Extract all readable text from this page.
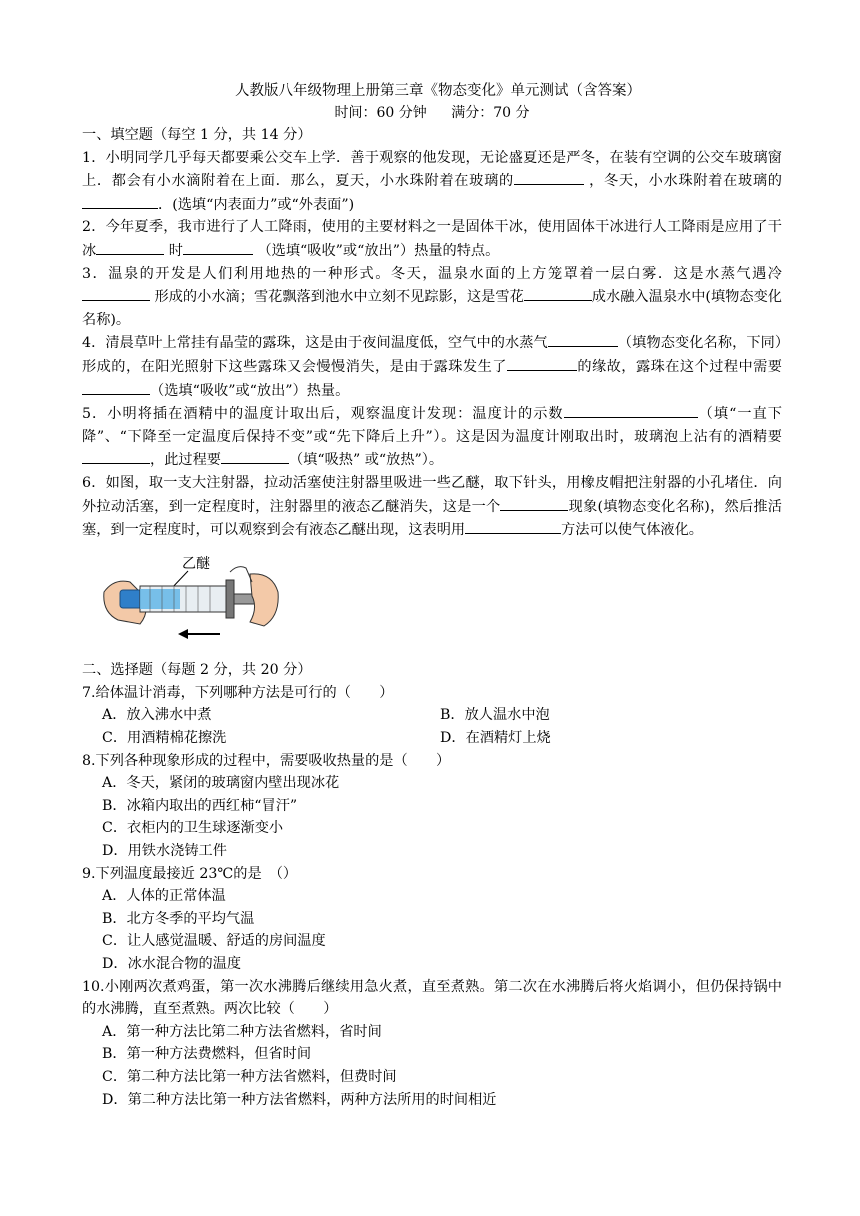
人教版八年级物理上册第三章《物态变化》单元测试（含答案）
时间：60 分钟 满分：70 分

一、填空题（每空 1 分，共 14 分）

1．小明同学几乎每天都要乘公交车上学．善于观察的他发现，无论盛夏还是严冬，在装有空调的公交车玻璃窗上．都会有小水滴附着在上面．那么，夏天，小水珠附着在玻璃的	，冬天，小水珠附着在玻璃的．(选填“内表面力”或“外表面”)

2．今年夏季，我市进行了人工降雨，使用的主要材料之一是固体干冰，使用固体干冰进行人工降雨是应用了干冰	时	（选填“吸收”或“放出”）热量的特点。

3．温泉的开发是人们利用地热的一种形式。冬天，温泉水面的上方笼罩着一层白雾．这是水蒸气遇冷 形成的小水滴；雪花飘落到池水中立刻不见踪影，这是雪花	成水融入温泉水中(填物态变化名称)。

4．清晨草叶上常挂有晶莹的露珠，这是由于夜间温度低，空气中的水蒸气	（填物态变化名称，下同）形成的，在阳光照射下这些露珠又会慢慢消失，是由于露珠发生了	的缘故，露珠在这个过程中需要（选填“吸收”或“放出”）热量。

5．小明将插在酒精中的温度计取出后，观察温度计发现：温度计的示数	（填“一直下降”、“下降至一定温度后保持不变”或“先下降后上升”）。这是因为温度计刚取出时，玻璃泡上沾有的酒精要，此过程要	（填“吸热” 或“放热”）。

6．如图，取一支大注射器，拉动活塞使注射器里吸进一些乙醚，取下针头，用橡皮帽把注射器的小孔堵住．向外拉动活塞，到一定程度时，注射器里的液态乙醚消失，这是一个	现象(填物态变化名称)，然后推活塞，到一定程度时，可以观察到会有液态乙醚出现，这表明用	方法可以使气体液化。

乙醚

二、选择题（每题 2 分，共 20 分）

7.给体温计消毒，下列哪种方法是可行的（　　）

A．放入沸水中煮	B．放人温水中泡
C．用酒精棉花擦洗	D．在酒精灯上烧

8.下列各种现象形成的过程中，需要吸收热量的是（　　）

A．冬天，紧闭的玻璃窗内壁出现冰花
B．冰箱内取出的西红柿“冒汗”
C．衣柜内的卫生球逐渐变小
D．用铁水浇铸工件

9.下列温度最接近 23℃的是　（）

A．人体的正常体温
B．北方冬季的平均气温
C．让人感觉温暖、舒适的房间温度
D．冰水混合物的温度

10.小刚两次煮鸡蛋，第一次水沸腾后继续用急火煮，直至煮熟。第二次在水沸腾后将火焰调小，但仍保持锅中的水沸腾，直至煮熟。两次比较（　　）

A．第一种方法比第二种方法省燃料，省时间
B．第一种方法费燃料，但省时间
C．第二种方法比第一种方法省燃料，但费时间
D．第二种方法比第一种方法省燃料，两种方法所用的时间相近
